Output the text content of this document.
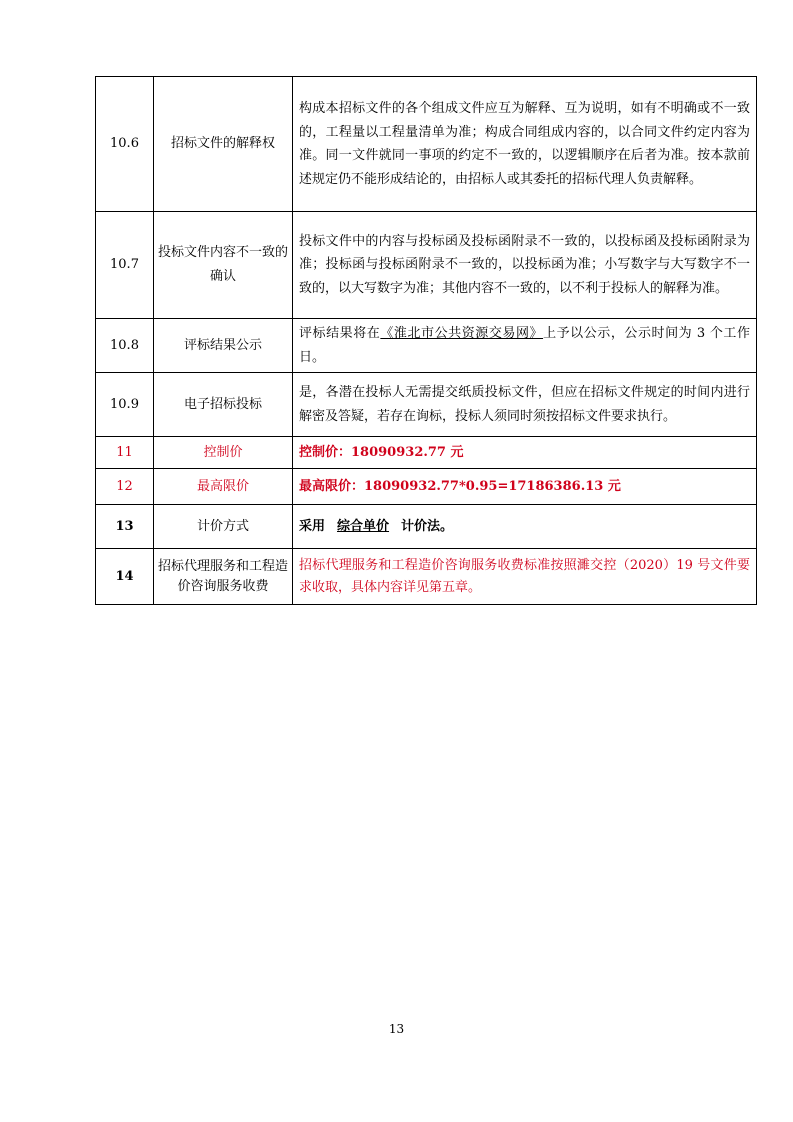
10.6	招标文件的解释权	构成本招标文件的各个组成文件应互为解释、互为说明，如有不明确或不一致的，工程量以工程量清单为准；构成合同组成内容的，以合同文件约定内容为准。同一文件就同一事项的约定不一致的，以逻辑顺序在后者为准。按本款前述规定仍不能形成结论的，由招标人或其委托的招标代理人负责解释。
10.7	投标文件内容不一致的确认	投标文件中的内容与投标函及投标函附录不一致的，以投标函及投标函附录为准；投标函与投标函附录不一致的，以投标函为准；小写数字与大写数字不一致的，以大写数字为准；其他内容不一致的，以不利于投标人的解释为准。
10.8	评标结果公示	评标结果将在《淮北市公共资源交易网》上予以公示，公示时间为 3 个工作日。
10.9	电子招标投标	是，各潜在投标人无需提交纸质投标文件，但应在招标文件规定的时间内进行解密及答疑，若存在询标，投标人须同时须按招标文件要求执行。
11	控制价	控制价：18090932.77 元
12	最高限价	最高限价：18090932.77*0.95=17186386.13 元
13	计价方式	采用 综合单价 计价法。
14	招标代理服务和工程造价咨询服务收费	招标代理服务和工程造价咨询服务收费标准按照濉交控（2020）19 号文件要求收取，具体内容详见第五章。
13
